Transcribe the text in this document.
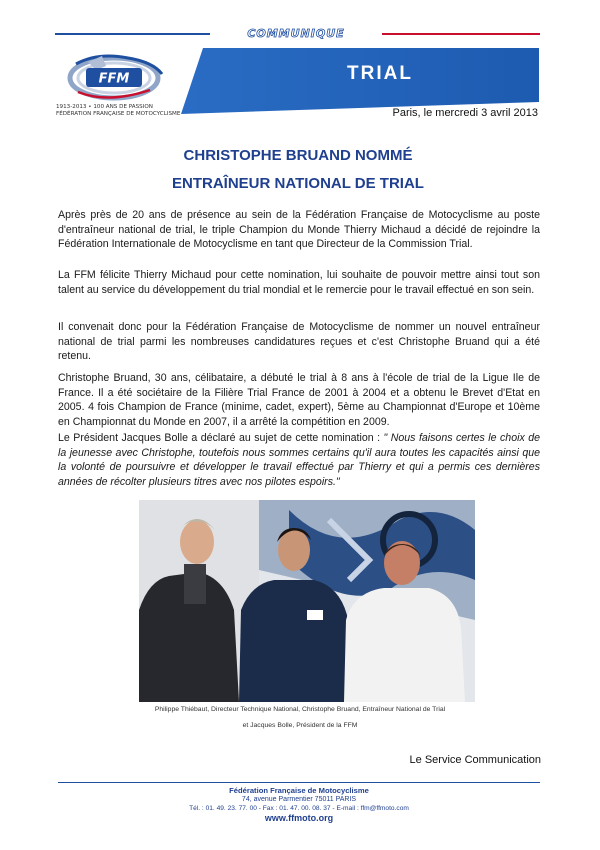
COMMUNIQUE
FFM
1913-2013 • 100 ANS DE PASSION
FÉDÉRATION FRANÇAISE DE MOTOCYCLISME
TRIAL
Paris, le mercredi 3 avril 2013
CHRISTOPHE BRUAND NOMMÉ
ENTRAÎNEUR NATIONAL DE TRIAL

Après près de 20 ans de présence au sein de la Fédération Française de Motocyclisme au poste d'entraîneur national de trial, le triple Champion du Monde Thierry Michaud a décidé de rejoindre la Fédération Internationale de Motocyclisme en tant que Directeur de la Commission Trial.

La FFM félicite Thierry Michaud pour cette nomination, lui souhaite de pouvoir mettre ainsi tout son talent au service du développement du trial mondial et le remercie pour le travail effectué en son sein.

Il convenait donc pour la Fédération Française de Motocyclisme de nommer un nouvel entraîneur national de trial parmi les nombreuses candidatures reçues et c'est Christophe Bruand qui a été retenu.

Christophe Bruand, 30 ans, célibataire, a débuté le trial à 8 ans à l'école de trial de la Ligue Ile de France. Il a été sociétaire de la Filière Trial France de 2001 à 2004 et a obtenu le Brevet d'Etat en 2005. 4 fois Champion de France (minime, cadet, expert), 5ème au Championnat d'Europe et 10ème en Championnat du Monde en 2007, il a arrêté la compétition en 2009.

Le Président Jacques Bolle a déclaré au sujet de cette nomination : " Nous faisons certes le choix de la jeunesse avec Christophe, toutefois nous sommes certains qu'il aura toutes les capacités ainsi que la volonté de poursuivre et développer le travail effectué par Thierry et qui a permis ces dernières années de récolter plusieurs titres avec nos pilotes espoirs."

Philippe Thiébaut, Directeur Technique National, Christophe Bruand, Entraîneur National de Trial
et Jacques Bolle, Président de la FFM
Le Service Communication
Fédération Française de Motocyclisme
74, avenue Parmentier 75011 PARIS
Tél. : 01. 49. 23. 77. 00 - Fax : 01. 47. 00. 08. 37 - E-mail : ffm@ffmoto.com
www.ffmoto.org
